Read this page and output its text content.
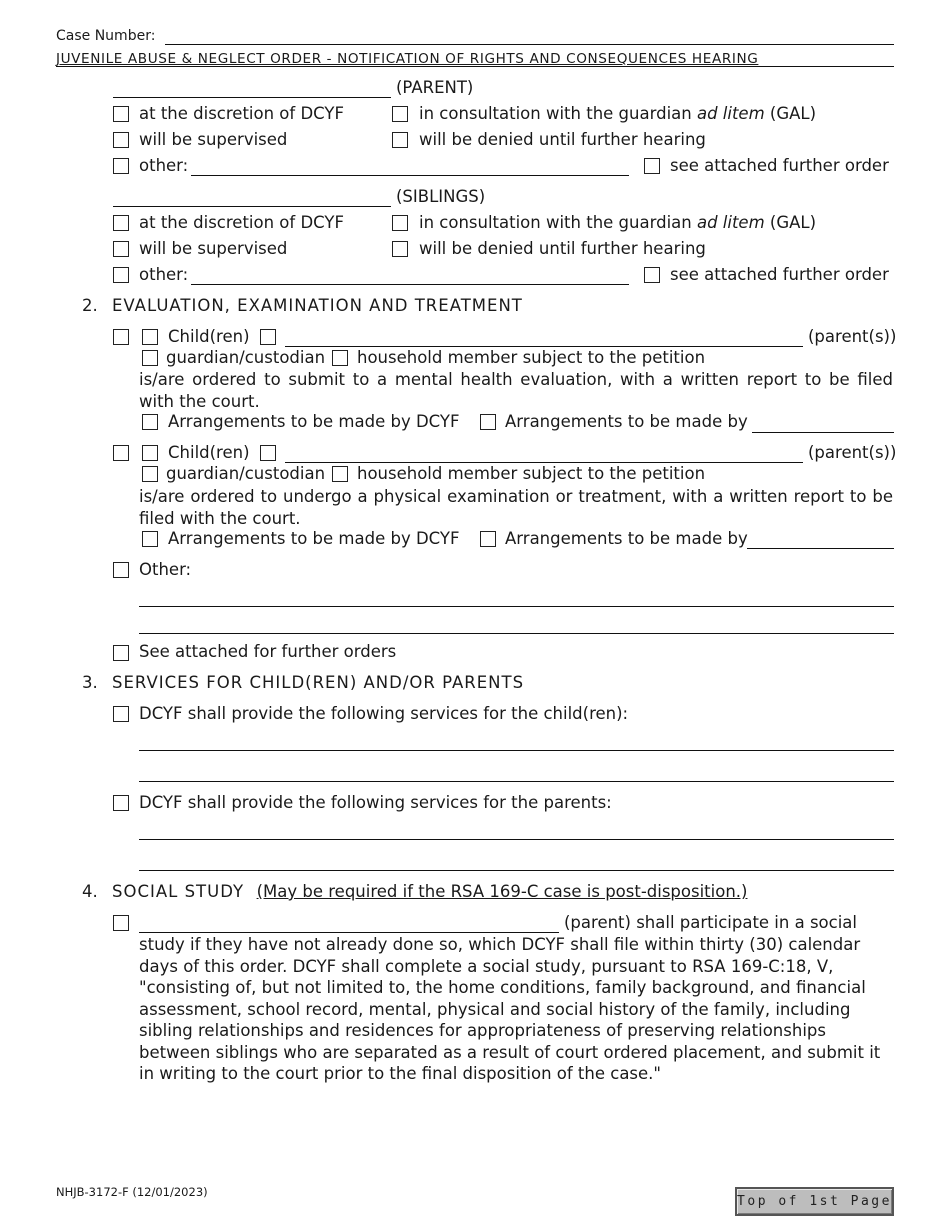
Case Number:
JUVENILE ABUSE & NEGLECT ORDER - NOTIFICATION OF RIGHTS AND CONSEQUENCES HEARING
(PARENT)
at the discretion of DCYF	in consultation with the guardian ad litem (GAL)
will be supervised	will be denied until further hearing
other:	see attached further order
(SIBLINGS)
at the discretion of DCYF	in consultation with the guardian ad litem (GAL)
will be supervised	will be denied until further hearing
other:	see attached further order
2. EVALUATION, EXAMINATION AND TREATMENT
Child(ren)	(parent(s))
guardian/custodian household member subject to the petition
is/are ordered to submit to a mental health evaluation, with a written report to be filed with the court.
Arrangements to be made by DCYF	Arrangements to be made by
Child(ren)	(parent(s))
guardian/custodian household member subject to the petition
is/are ordered to undergo a physical examination or treatment, with a written report to be filed with the court.
Arrangements to be made by DCYF	Arrangements to be made by
Other:
See attached for further orders
3. SERVICES FOR CHILD(REN) AND/OR PARENTS
DCYF shall provide the following services for the child(ren):
DCYF shall provide the following services for the parents:
4. SOCIAL STUDY (May be required if the RSA 169-C case is post-disposition.)
(parent) shall participate in a social
study if they have not already done so, which DCYF shall file within thirty (30) calendar days of this order. DCYF shall complete a social study, pursuant to RSA 169-C:18, V, "consisting of, but not limited to, the home conditions, family background, and financial assessment, school record, mental, physical and social history of the family, including sibling relationships and residences for appropriateness of preserving relationships between siblings who are separated as a result of court ordered placement, and submit it in writing to the court prior to the final disposition of the case."
NHJB-3172-F (12/01/2023)
Top of 1st Page
